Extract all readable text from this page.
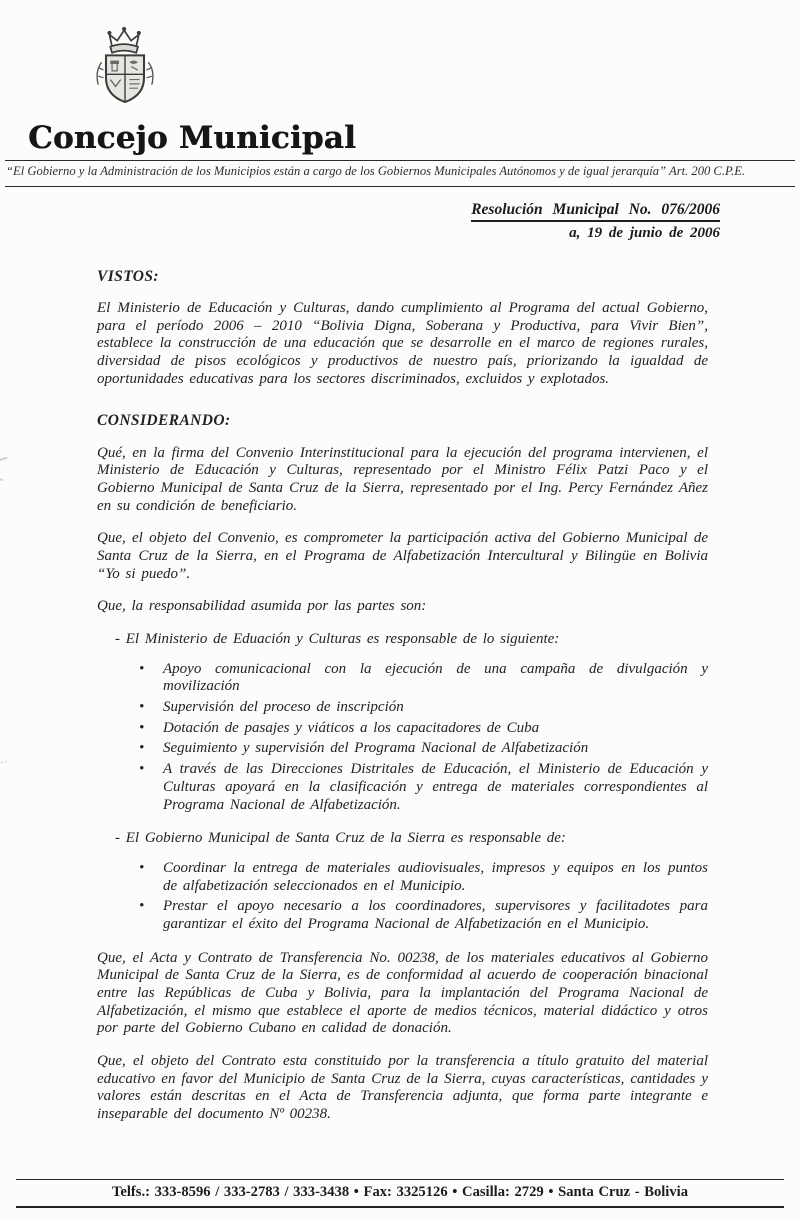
Concejo Municipal
“El Gobierno y la Administración de los Municipios están a cargo de los Gobiernos Municipales Autónomos y de igual jerarquía” Art. 200 C.P.E.
Resolución Municipal No. 076/2006
a, 19 de junio de 2006
VISTOS:

El Ministerio de Educación y Culturas, dando cumplimiento al Programa del actual Gobierno, para el período 2006 – 2010 “Bolivia Digna, Soberana y Productiva, para Vivir Bien”, establece la construcción de una educación que se desarrolle en el marco de regiones rurales, diversidad de pisos ecológicos y productivos de nuestro país, priorizando la igualdad de oportunidades educativas para los sectores discriminados, excluidos y explotados.

CONSIDERANDO:

Qué, en la firma del Convenio Interinstitucional para la ejecución del programa intervienen, el Ministerio de Educación y Culturas, representado por el Ministro Félix Patzi Paco y el Gobierno Municipal de Santa Cruz de la Sierra, representado por el Ing. Percy Fernández Añez en su condición de beneficiario.

Que, el objeto del Convenio, es comprometer la participación activa del Gobierno Municipal de Santa Cruz de la Sierra, en el Programa de Alfabetización Intercultural y Bilingüe en Bolivia “Yo si puedo”.

Que, la responsabilidad asumida por las partes son:

- El Ministerio de Eduación y Culturas es responsable de lo siguiente:
•	Apoyo comunicacional con la ejecución de una campaña de divulgación y movilización
•	Supervisión del proceso de inscripción
•	Dotación de pasajes y viáticos a los capacitadores de Cuba
•	Seguimiento y supervisión del Programa Nacional de Alfabetización
•	A través de las Direcciones Distritales de Educación, el Ministerio de Educación y Culturas apoyará en la clasificación y entrega de materiales correspondientes al Programa Nacional de Alfabetización.
- El Gobierno Municipal de Santa Cruz de la Sierra es responsable de:
•	Coordinar la entrega de materiales audiovisuales, impresos y equipos en los puntos de alfabetización seleccionados en el Municipio.
•	Prestar el apoyo necesario a los coordinadores, supervisores y facilitadotes para garantizar el éxito del Programa Nacional de Alfabetización en el Municipio.

Que, el Acta y Contrato de Transferencia No. 00238, de los materiales educativos al Gobierno Municipal de Santa Cruz de la Sierra, es de conformidad al acuerdo de cooperación binacional entre las Repúblicas de Cuba y Bolivia, para la implantación del Programa Nacional de Alfabetización, el mismo que establece el aporte de medios técnicos, material didáctico y otros por parte del Gobierno Cubano en calidad de donación.

Que, el objeto del Contrato esta constituido por la transferencia a título gratuito del material educativo en favor del Municipio de Santa Cruz de la Sierra, cuyas características, cantidades y valores están descritas en el Acta de Transferencia adjunta, que forma parte integrante e inseparable del documento Nº 00238.

Telfs.: 333-8596 / 333-2783 / 333-3438 • Fax: 3325126 • Casilla: 2729 • Santa Cruz - Bolivia
